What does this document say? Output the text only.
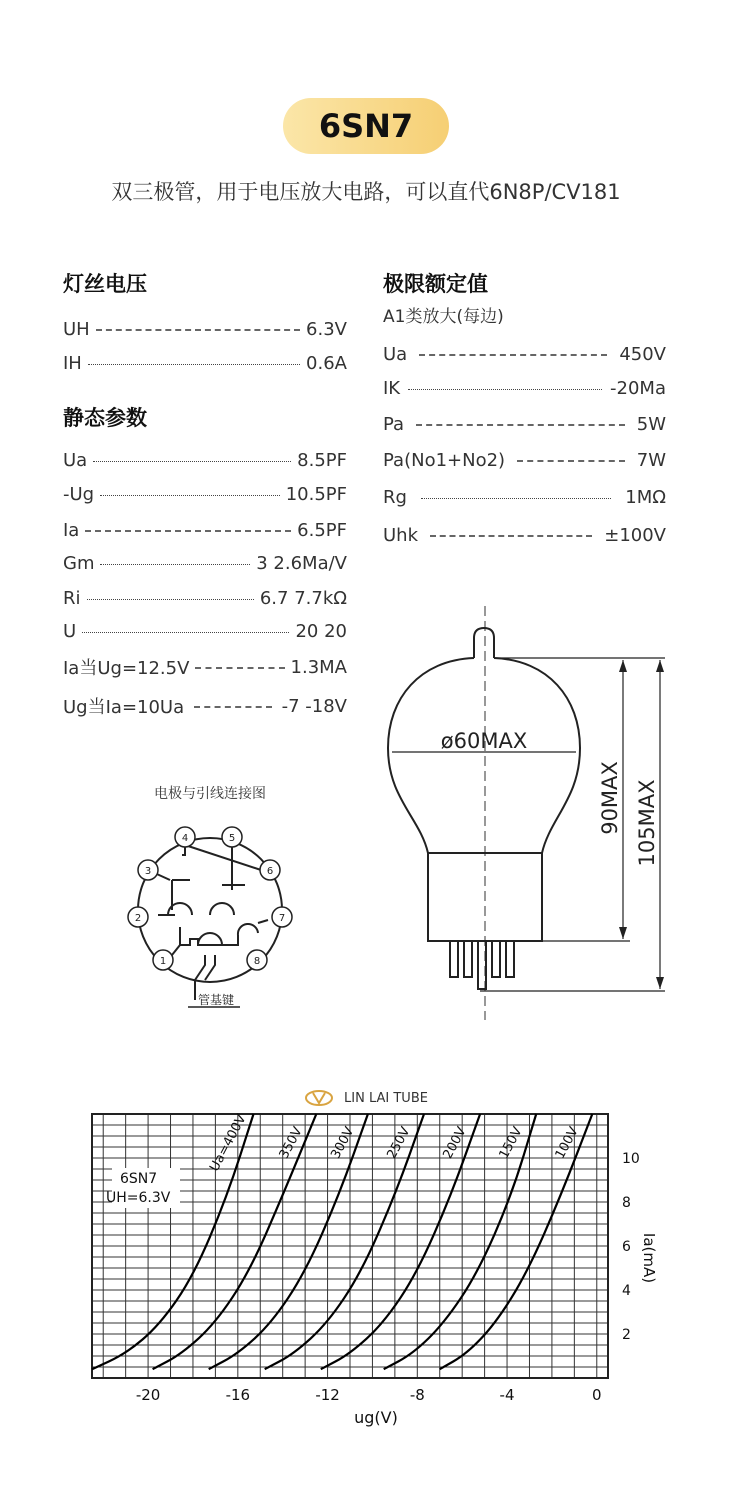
6SN7
双三极管，用于电压放大电路，可以直代6N8P/CV181
灯丝电压
UH	6.3V
IH	0.6A
静态参数
Ua	8.5PF
-Ug	10.5PF
Ia	6.5PF
Gm	3 2.6Ma/V
Ri	6.7 7.7kΩ
U	20 20
Ia当Ug=12.5V	1.3MA
Ug当Ia=10Ua	-7 -18V
极限额定值
A1类放大(每边)
Ua	450V
IK	-20Ma
Pa	5W
Pa(No1+No2)	7W
Rg	1MΩ
Uhk	±100V
电极与引线连接图
4	5
3	6
2	7
1	8
管基键
ø60MAX
90MAX 105MAX
LIN LAI TUBE
Ua=400V 350V 300V 250V 200V 150V 100V
-20	-16	-12	-8	-4	0
2
4
6
8
10
6SN7
UH=6.3V
ug(V)
Ia(mA)
